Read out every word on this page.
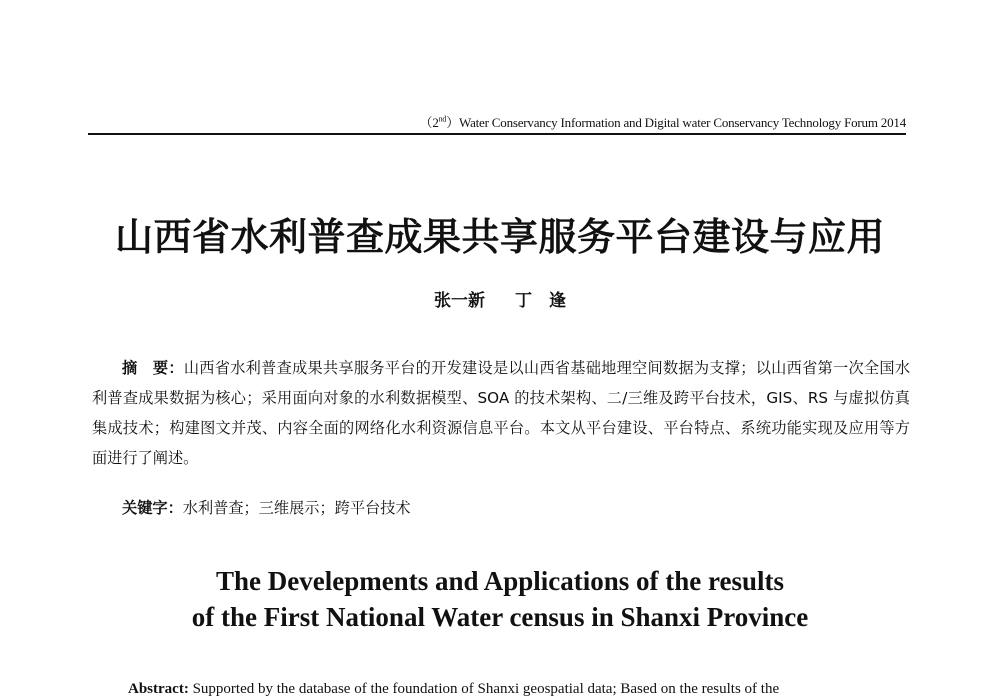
（2nd）Water Conservancy Information and Digital water Conservancy Technology Forum 2014
山西省水利普查成果共享服务平台建设与应用
张一新 丁　逢
摘　要：山西省水利普查成果共享服务平台的开发建设是以山西省基础地理空间数据为支撑；以山西省第一次全国水利普查成果数据为核心；采用面向对象的水利数据模型、SOA 的技术架构、二/三维及跨平台技术，GIS、RS 与虚拟仿真集成技术；构建图文并茂、内容全面的网络化水利资源信息平台。本文从平台建设、平台特点、系统功能实现及应用等方面进行了阐述。
关键字：水利普查；三维展示；跨平台技术
The Develepments and Applications of the results
of the First National Water census in Shanxi Province
Abstract: Supported by the database of the foundation of Shanxi geospatial data; Based on the results of the
